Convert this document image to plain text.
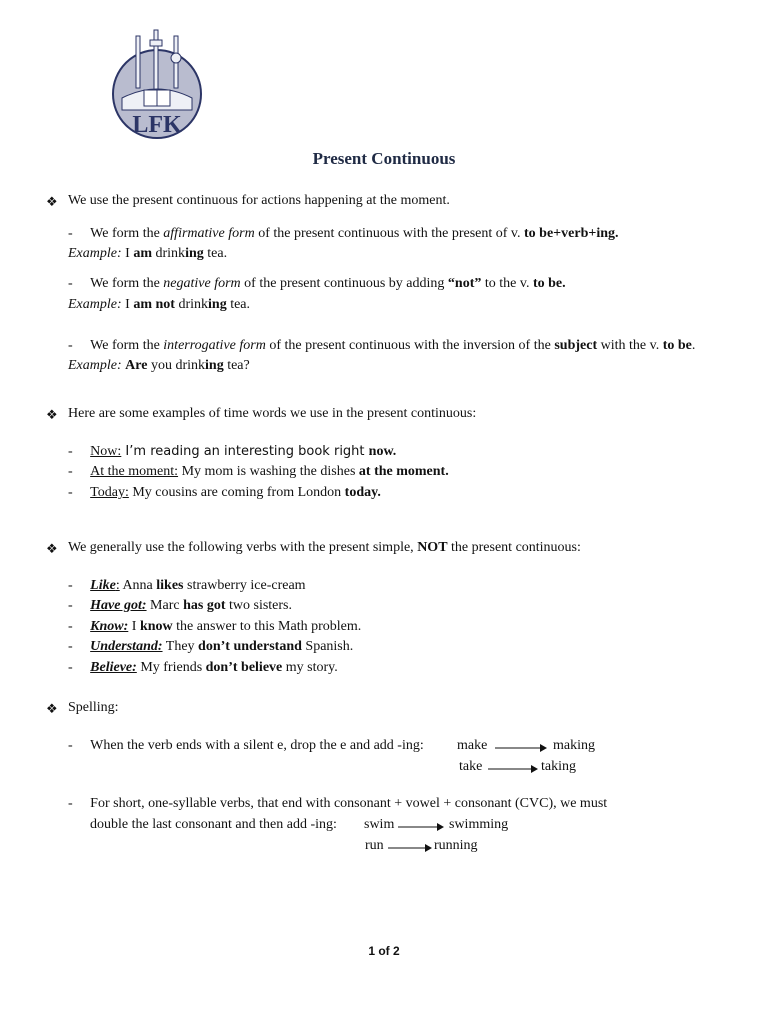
LFK
Present Continuous
❖ We use the present continuous for actions happening at the moment.
-     We form the affirmative form of the present continuous with the present of v. to be+verb+ing.
Example: I am drinking tea.
-     We form the negative form of the present continuous by adding “not” to the v. to be.
Example: I am not drinking tea.
-     We form the interrogative form of the present continuous with the inversion of the subject with the v. to be.
Example: Are you drinking tea?
❖ Here are some examples of time words we use in the present continuous:
-     Now: I’m reading an interesting book right now.
-     At the moment: My mom is washing the dishes at the moment.
-     Today: My cousins are coming from London today.
❖ We generally use the following verbs with the present simple, NOT the present continuous:
-     Like: Anna likes strawberry ice-cream
-     Have got: Marc has got two sisters.
-     Know: I know the answer to this Math problem.
-     Understand: They don’t understand Spanish.
-     Believe: My friends don’t believe my story.
❖ Spelling:
-     When the verb ends with a silent e, drop the e and add -ing: make	making
take	taking
-     For short, one-syllable verbs, that end with consonant + vowel + consonant (CVC), we must
double the last consonant and then add -ing: swim	swimming
run	running
1 of 2
